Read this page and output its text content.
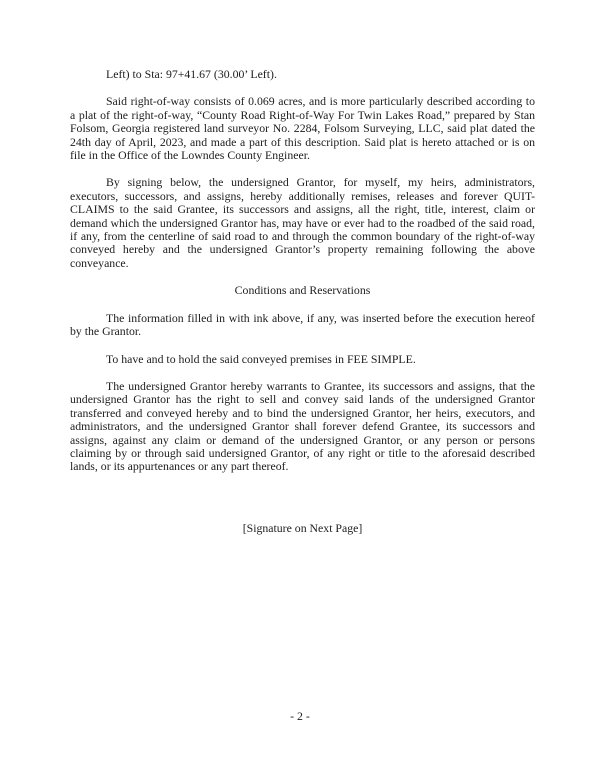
Left) to Sta: 97+41.67 (30.00’ Left).

Said right-of-way consists of 0.069 acres, and is more particularly described according to a plat of the right-of-way, “County Road Right-of-Way For Twin Lakes Road,” prepared by Stan Folsom, Georgia registered land surveyor No. 2284, Folsom Surveying, LLC, said plat dated the 24th day of April, 2023, and made a part of this description. Said plat is hereto attached or is on file in the Office of the Lowndes County Engineer.

By signing below, the undersigned Grantor, for myself, my heirs, administrators, executors, successors, and assigns, hereby additionally remises, releases and forever QUIT-CLAIMS to the said Grantee, its successors and assigns, all the right, title, interest, claim or demand which the undersigned Grantor has, may have or ever had to the roadbed of the said road, if any, from the centerline of said road to and through the common boundary of the right-of-way conveyed hereby and the undersigned Grantor’s property remaining following the above conveyance.

Conditions and Reservations

The information filled in with ink above, if any, was inserted before the execution hereof by the Grantor.

To have and to hold the said conveyed premises in FEE SIMPLE.

The undersigned Grantor hereby warrants to Grantee, its successors and assigns, that the undersigned Grantor has the right to sell and convey said lands of the undersigned Grantor transferred and conveyed hereby and to bind the undersigned Grantor, her heirs, executors, and administrators, and the undersigned Grantor shall forever defend Grantee, its successors and assigns, against any claim or demand of the undersigned Grantor, or any person or persons claiming by or through said undersigned Grantor, of any right or title to the aforesaid described lands, or its appurtenances or any part thereof.

[Signature on Next Page]

- 2 -
